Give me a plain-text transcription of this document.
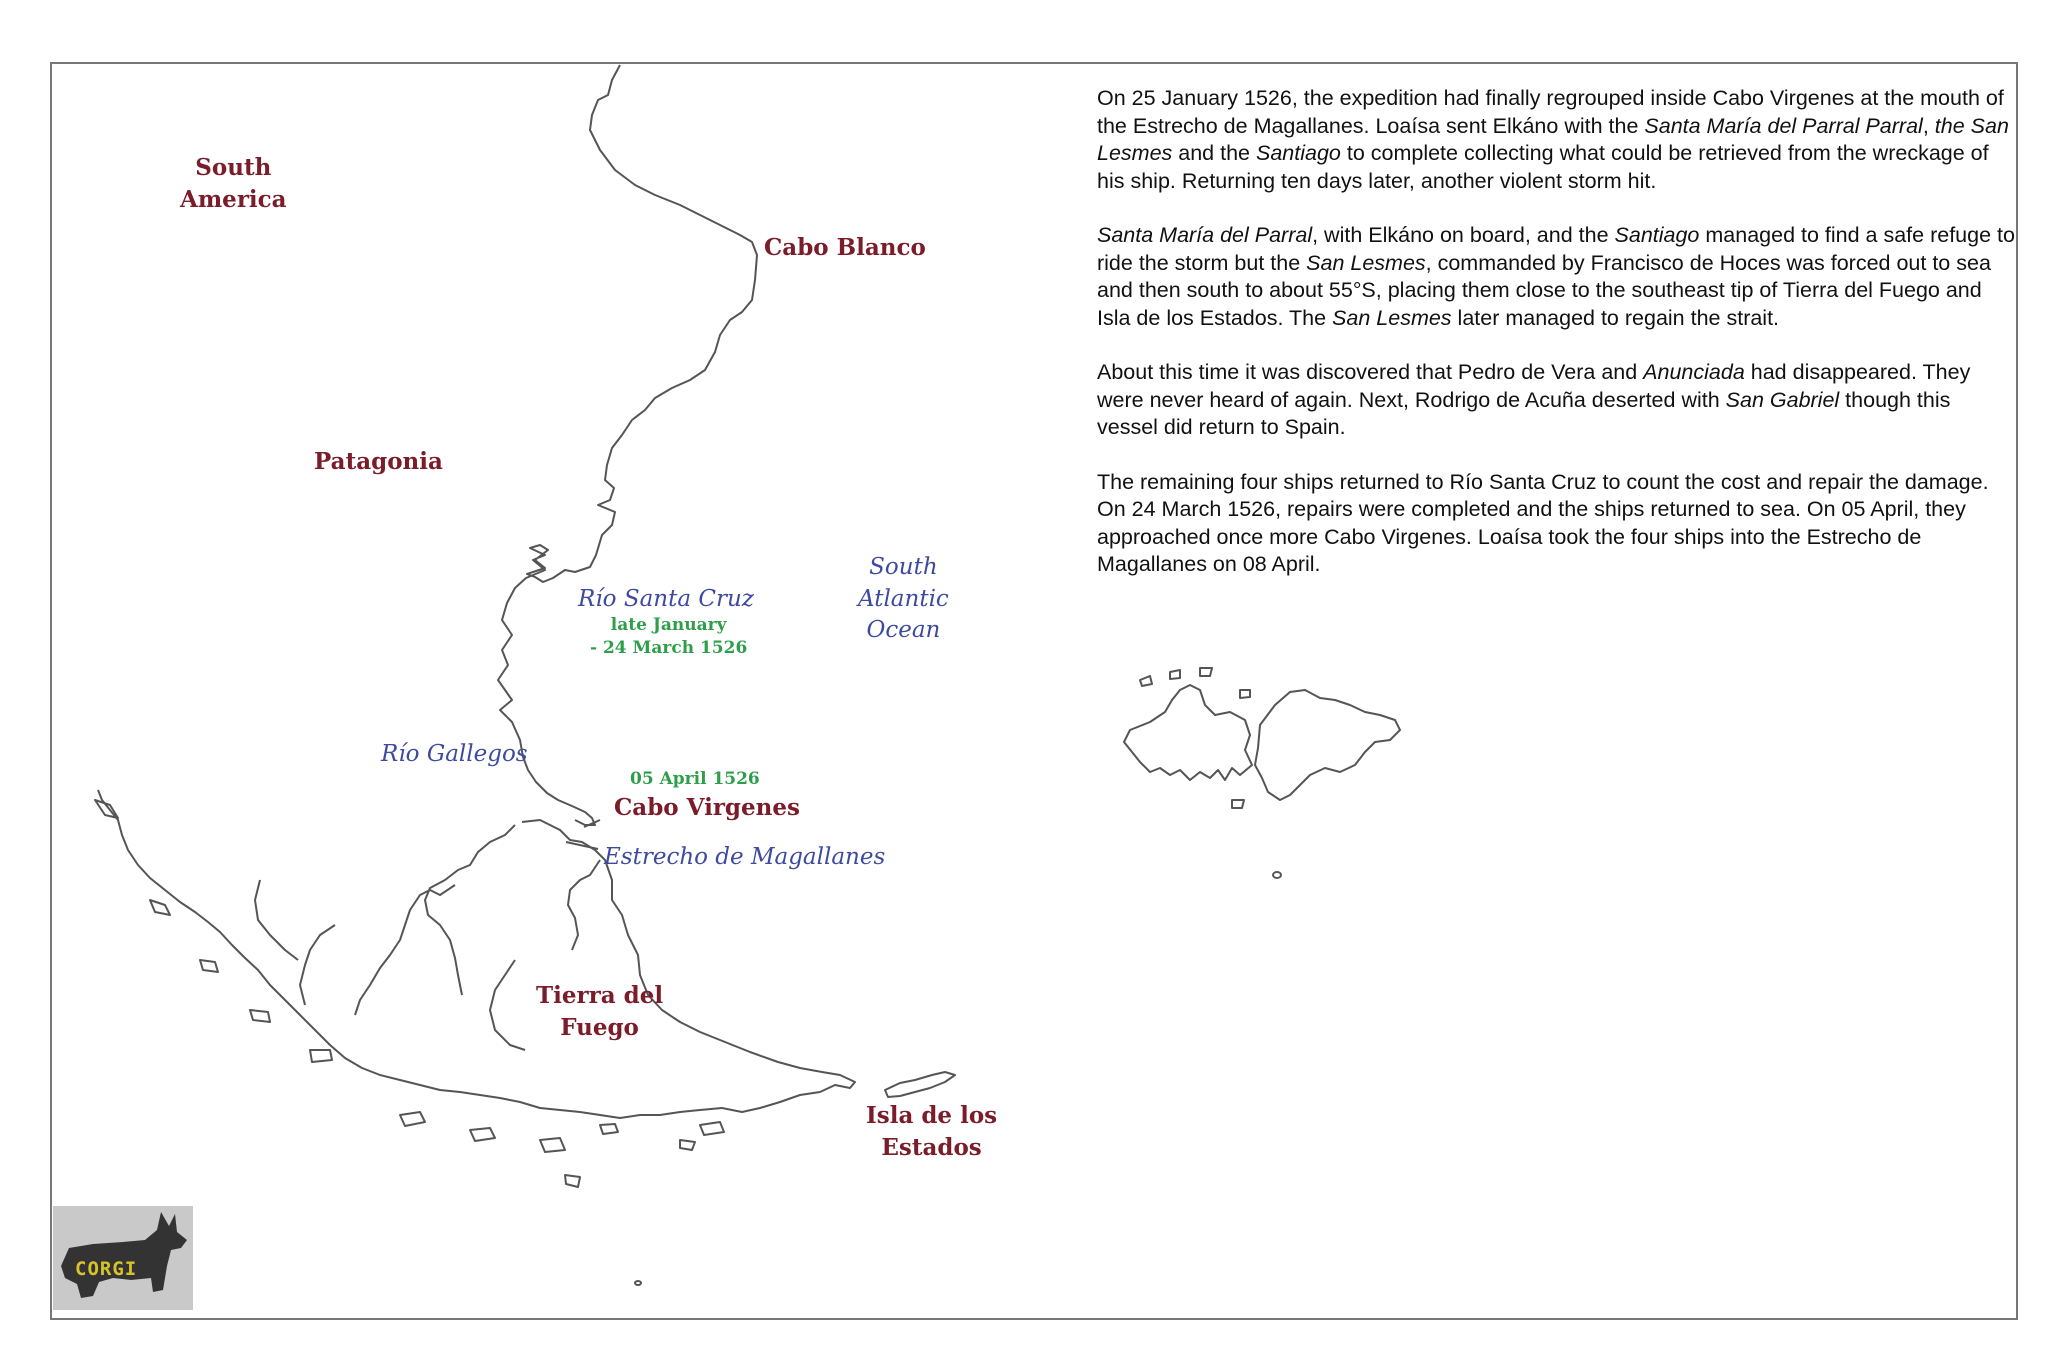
South
America
Cabo Blanco
Patagonia
Río Santa Cruz
late January
- 24 March 1526
South
Atlantic
Ocean
Río Gallegos
05 April 1526
Cabo Virgenes
Estrecho de Magallanes
Tierra del
Fuego
Isla de los
Estados

On 25 January 1526, the expedition had finally regrouped inside Cabo Virgenes at the mouth of the Estrecho de Magallanes. Loaísa sent Elkáno with the Santa María del Parral Parral, the San Lesmes and the Santiago to complete collecting what could be retrieved from the wreckage of his ship. Returning ten days later, another violent storm hit.

Santa María del Parral, with Elkáno on board, and the Santiago managed to find a safe refuge to ride the storm but the San Lesmes, commanded by Francisco de Hoces was forced out to sea and then south to about 55°S, placing them close to the southeast tip of Tierra del Fuego and Isla de los Estados. The San Lesmes later managed to regain the strait.

About this time it was discovered that Pedro de Vera and Anunciada had disappeared. They were never heard of again. Next, Rodrigo de Acuña deserted with San Gabriel though this vessel did return to Spain.

The remaining four ships returned to Río Santa Cruz to count the cost and repair the damage. On 24 March 1526, repairs were completed and the ships returned to sea. On 05 April, they approached once more Cabo Virgenes. Loaísa took the four ships into the Estrecho de Magallanes on 08 April.

CORGI
